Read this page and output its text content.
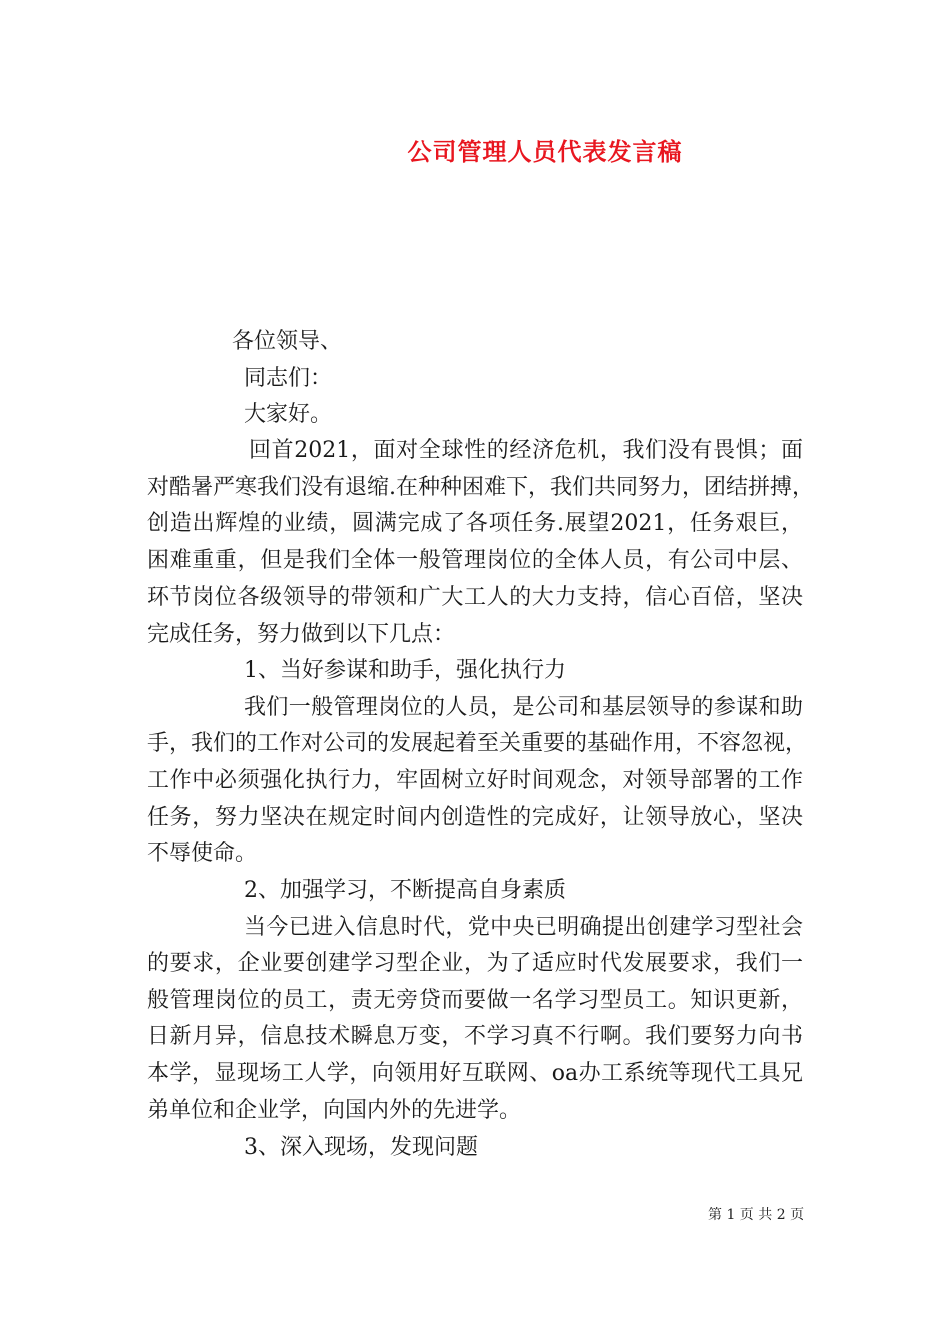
公司管理人员代表发言稿
各位领导、
同志们：
大家好。
回首2021，面对全球性的经济危机，我们没有畏惧；面
对酷暑严寒我们没有退缩.在种种困难下，我们共同努力，团结拼搏，
创造出辉煌的业绩，圆满完成了各项任务.展望2021，任务艰巨，
困难重重，但是我们全体一般管理岗位的全体人员，有公司中层、
环节岗位各级领导的带领和广大工人的大力支持，信心百倍，坚决
完成任务，努力做到以下几点：
1、当好参谋和助手，强化执行力
我们一般管理岗位的人员，是公司和基层领导的参谋和助
手，我们的工作对公司的发展起着至关重要的基础作用，不容忽视，
工作中必须强化执行力，牢固树立好时间观念，对领导部署的工作
任务，努力坚决在规定时间内创造性的完成好，让领导放心，坚决
不辱使命。
2、加强学习，不断提高自身素质
当今已进入信息时代，党中央已明确提出创建学习型社会
的要求，企业要创建学习型企业，为了适应时代发展要求，我们一
般管理岗位的员工，责无旁贷而要做一名学习型员工。知识更新，
日新月异，信息技术瞬息万变，不学习真不行啊。我们要努力向书
本学，显现场工人学，向领用好互联网、oa办工系统等现代工具兄
弟单位和企业学，向国内外的先进学。
3、深入现场，发现问题
第 1 页 共 2 页
